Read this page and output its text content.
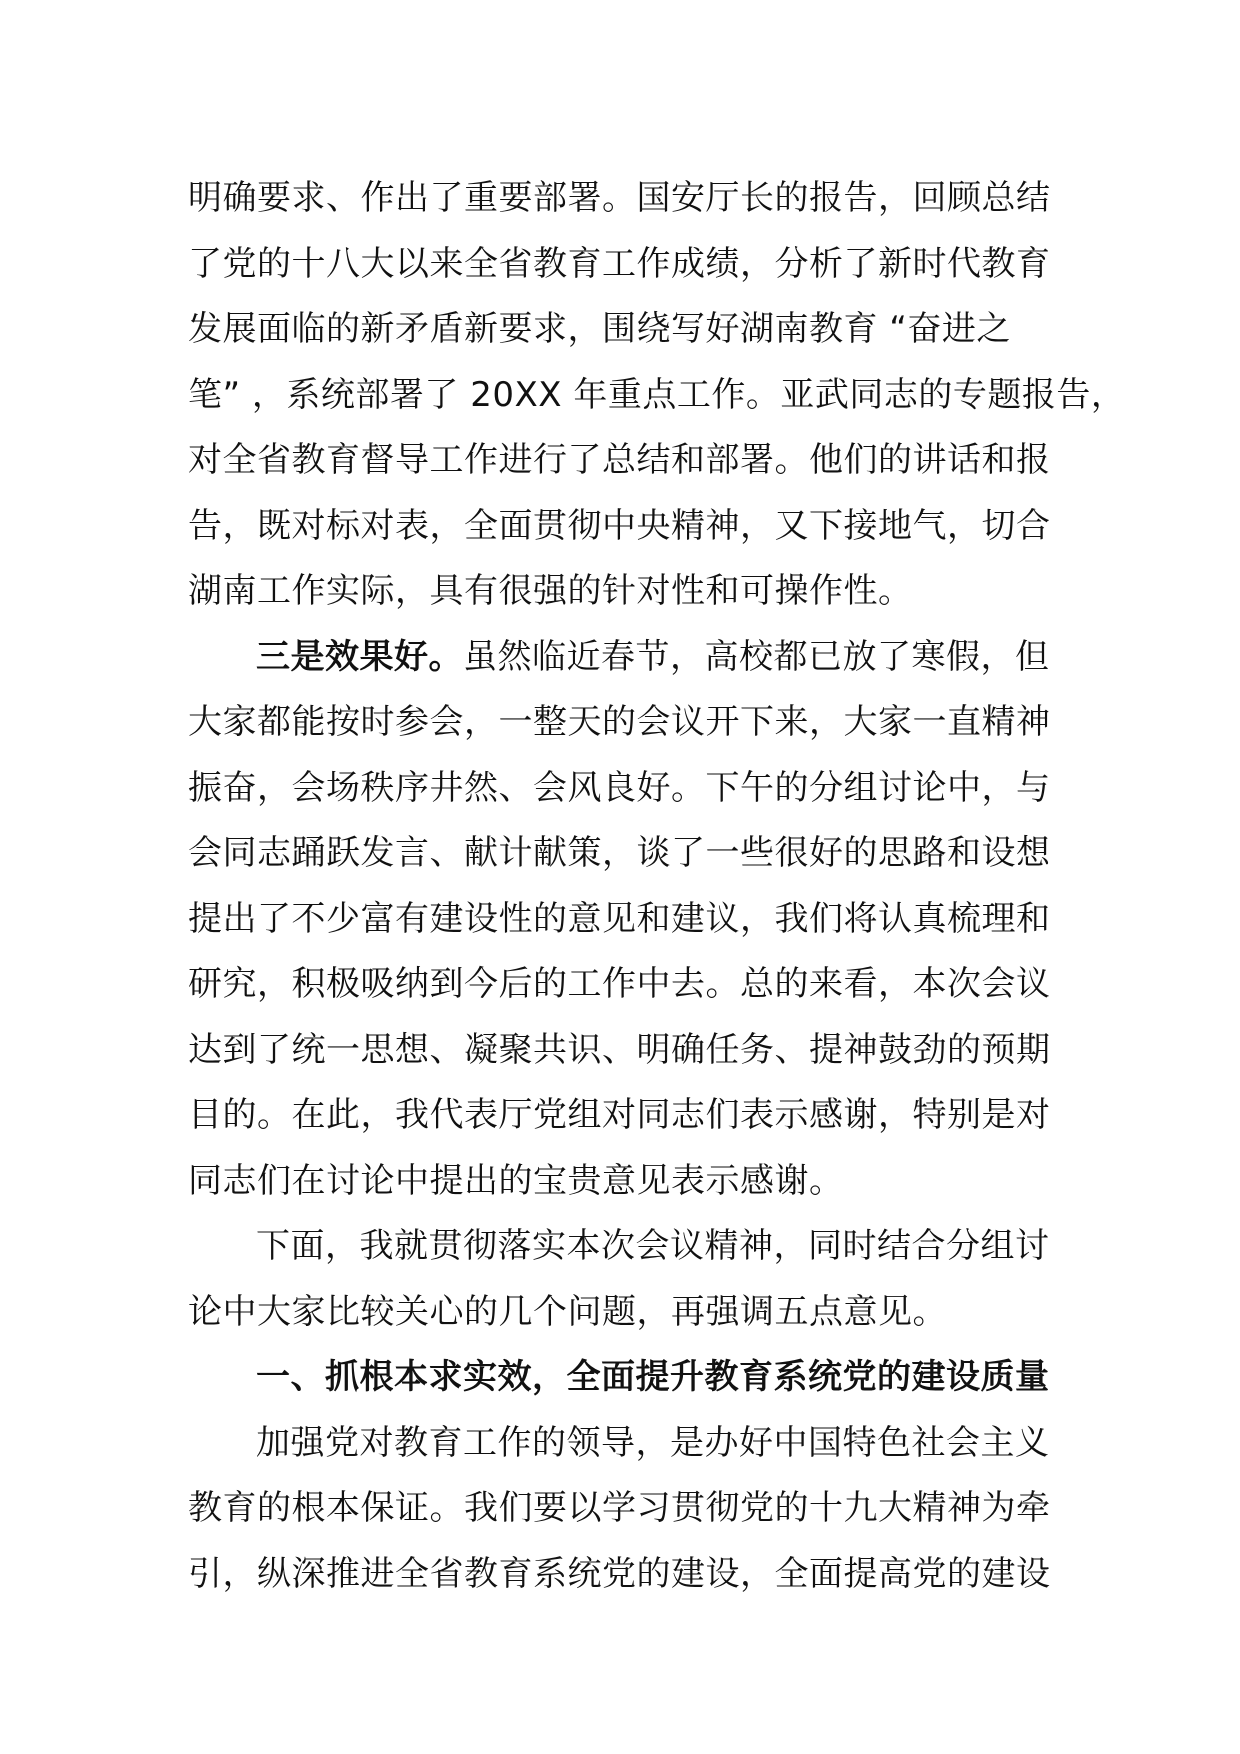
明确要求、作出了重要部署。国安厅长的报告，回顾总结
了党的十八大以来全省教育工作成绩，分析了新时代教育
发展面临的新矛盾新要求，围绕写好湖南教育 “奋进之
笔” ，系统部署了 20XX 年重点工作。亚武同志的专题报告，
对全省教育督导工作进行了总结和部署。他们的讲话和报
告，既对标对表，全面贯彻中央精神，又下接地气，切合
湖南工作实际，具有很强的针对性和可操作性。
三是效果好。虽然临近春节，高校都已放了寒假，但
大家都能按时参会，一整天的会议开下来，大家一直精神
振奋，会场秩序井然、会风良好。下午的分组讨论中，与
会同志踊跃发言、献计献策，谈了一些很好的思路和设想
提出了不少富有建设性的意见和建议，我们将认真梳理和
研究，积极吸纳到今后的工作中去。总的来看，本次会议
达到了统一思想、凝聚共识、明确任务、提神鼓劲的预期
目的。在此，我代表厅党组对同志们表示感谢，特别是对
同志们在讨论中提出的宝贵意见表示感谢。
下面，我就贯彻落实本次会议精神，同时结合分组讨
论中大家比较关心的几个问题，再强调五点意见。
一、抓根本求实效，全面提升教育系统党的建设质量
加强党对教育工作的领导，是办好中国特色社会主义
教育的根本保证。我们要以学习贯彻党的十九大精神为牵
引，纵深推进全省教育系统党的建设，全面提高党的建设
